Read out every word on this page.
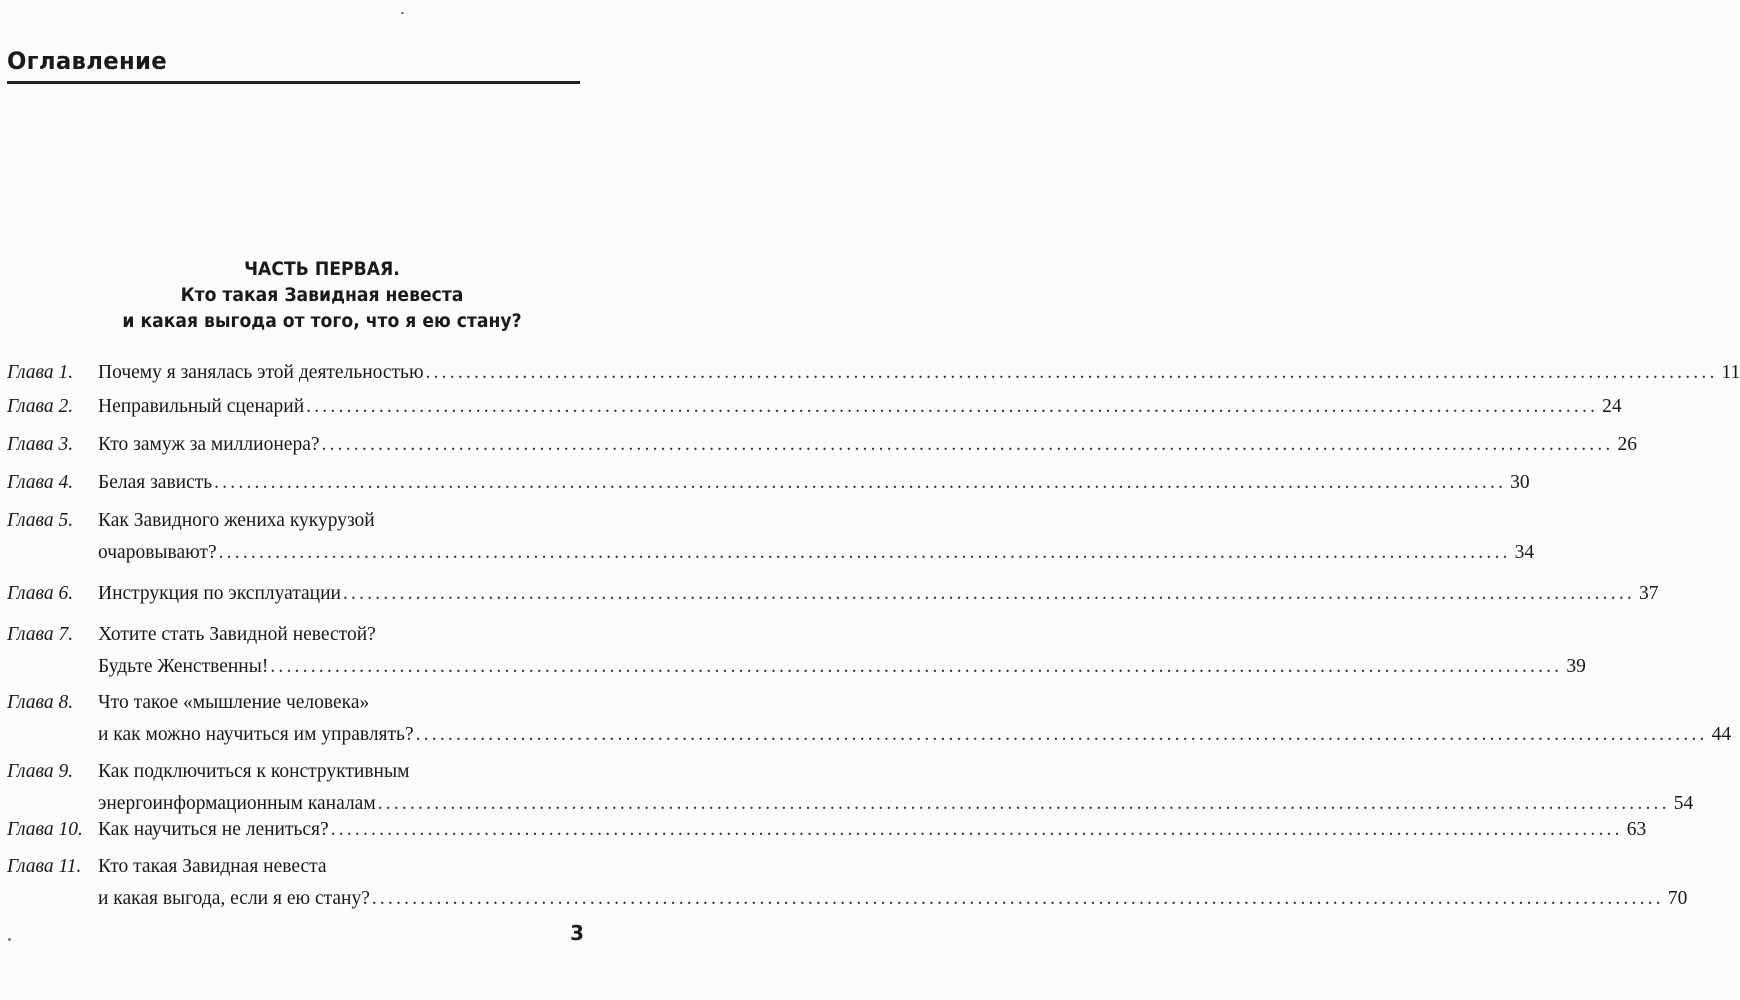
Оглавление
ЧАСТЬ ПЕРВАЯ.
Кто такая Завидная невеста
и какая выгода от того, что я ею стану?
Глава 1. Почему я занялась этой деятельностью ................................................................................................................................................................ 11
Глава 2. Неправильный сценарий ................................................................................................................................................................ 24
Глава 3. Кто замуж за миллионера? ................................................................................................................................................................ 26
Глава 4. Белая зависть ................................................................................................................................................................ 30
Глава 5. Как Завидного жениха кукурузой
очаровывают? ................................................................................................................................................................ 34
Глава 6. Инструкция по эксплуатации ................................................................................................................................................................ 37
Глава 7. Хотите стать Завидной невестой?
Будьте Женственны! ................................................................................................................................................................ 39
Глава 8. Что такое «мышление человека»
и как можно научиться им управлять? ................................................................................................................................................................ 44
Глава 9. Как подключиться к конструктивным
энергоинформационным каналам ................................................................................................................................................................ 54
Глава 10. Как научиться не лениться? ................................................................................................................................................................ 63
Глава 11. Кто такая Завидная невеста
и какая выгода, если я ею стану? ................................................................................................................................................................ 70
3
